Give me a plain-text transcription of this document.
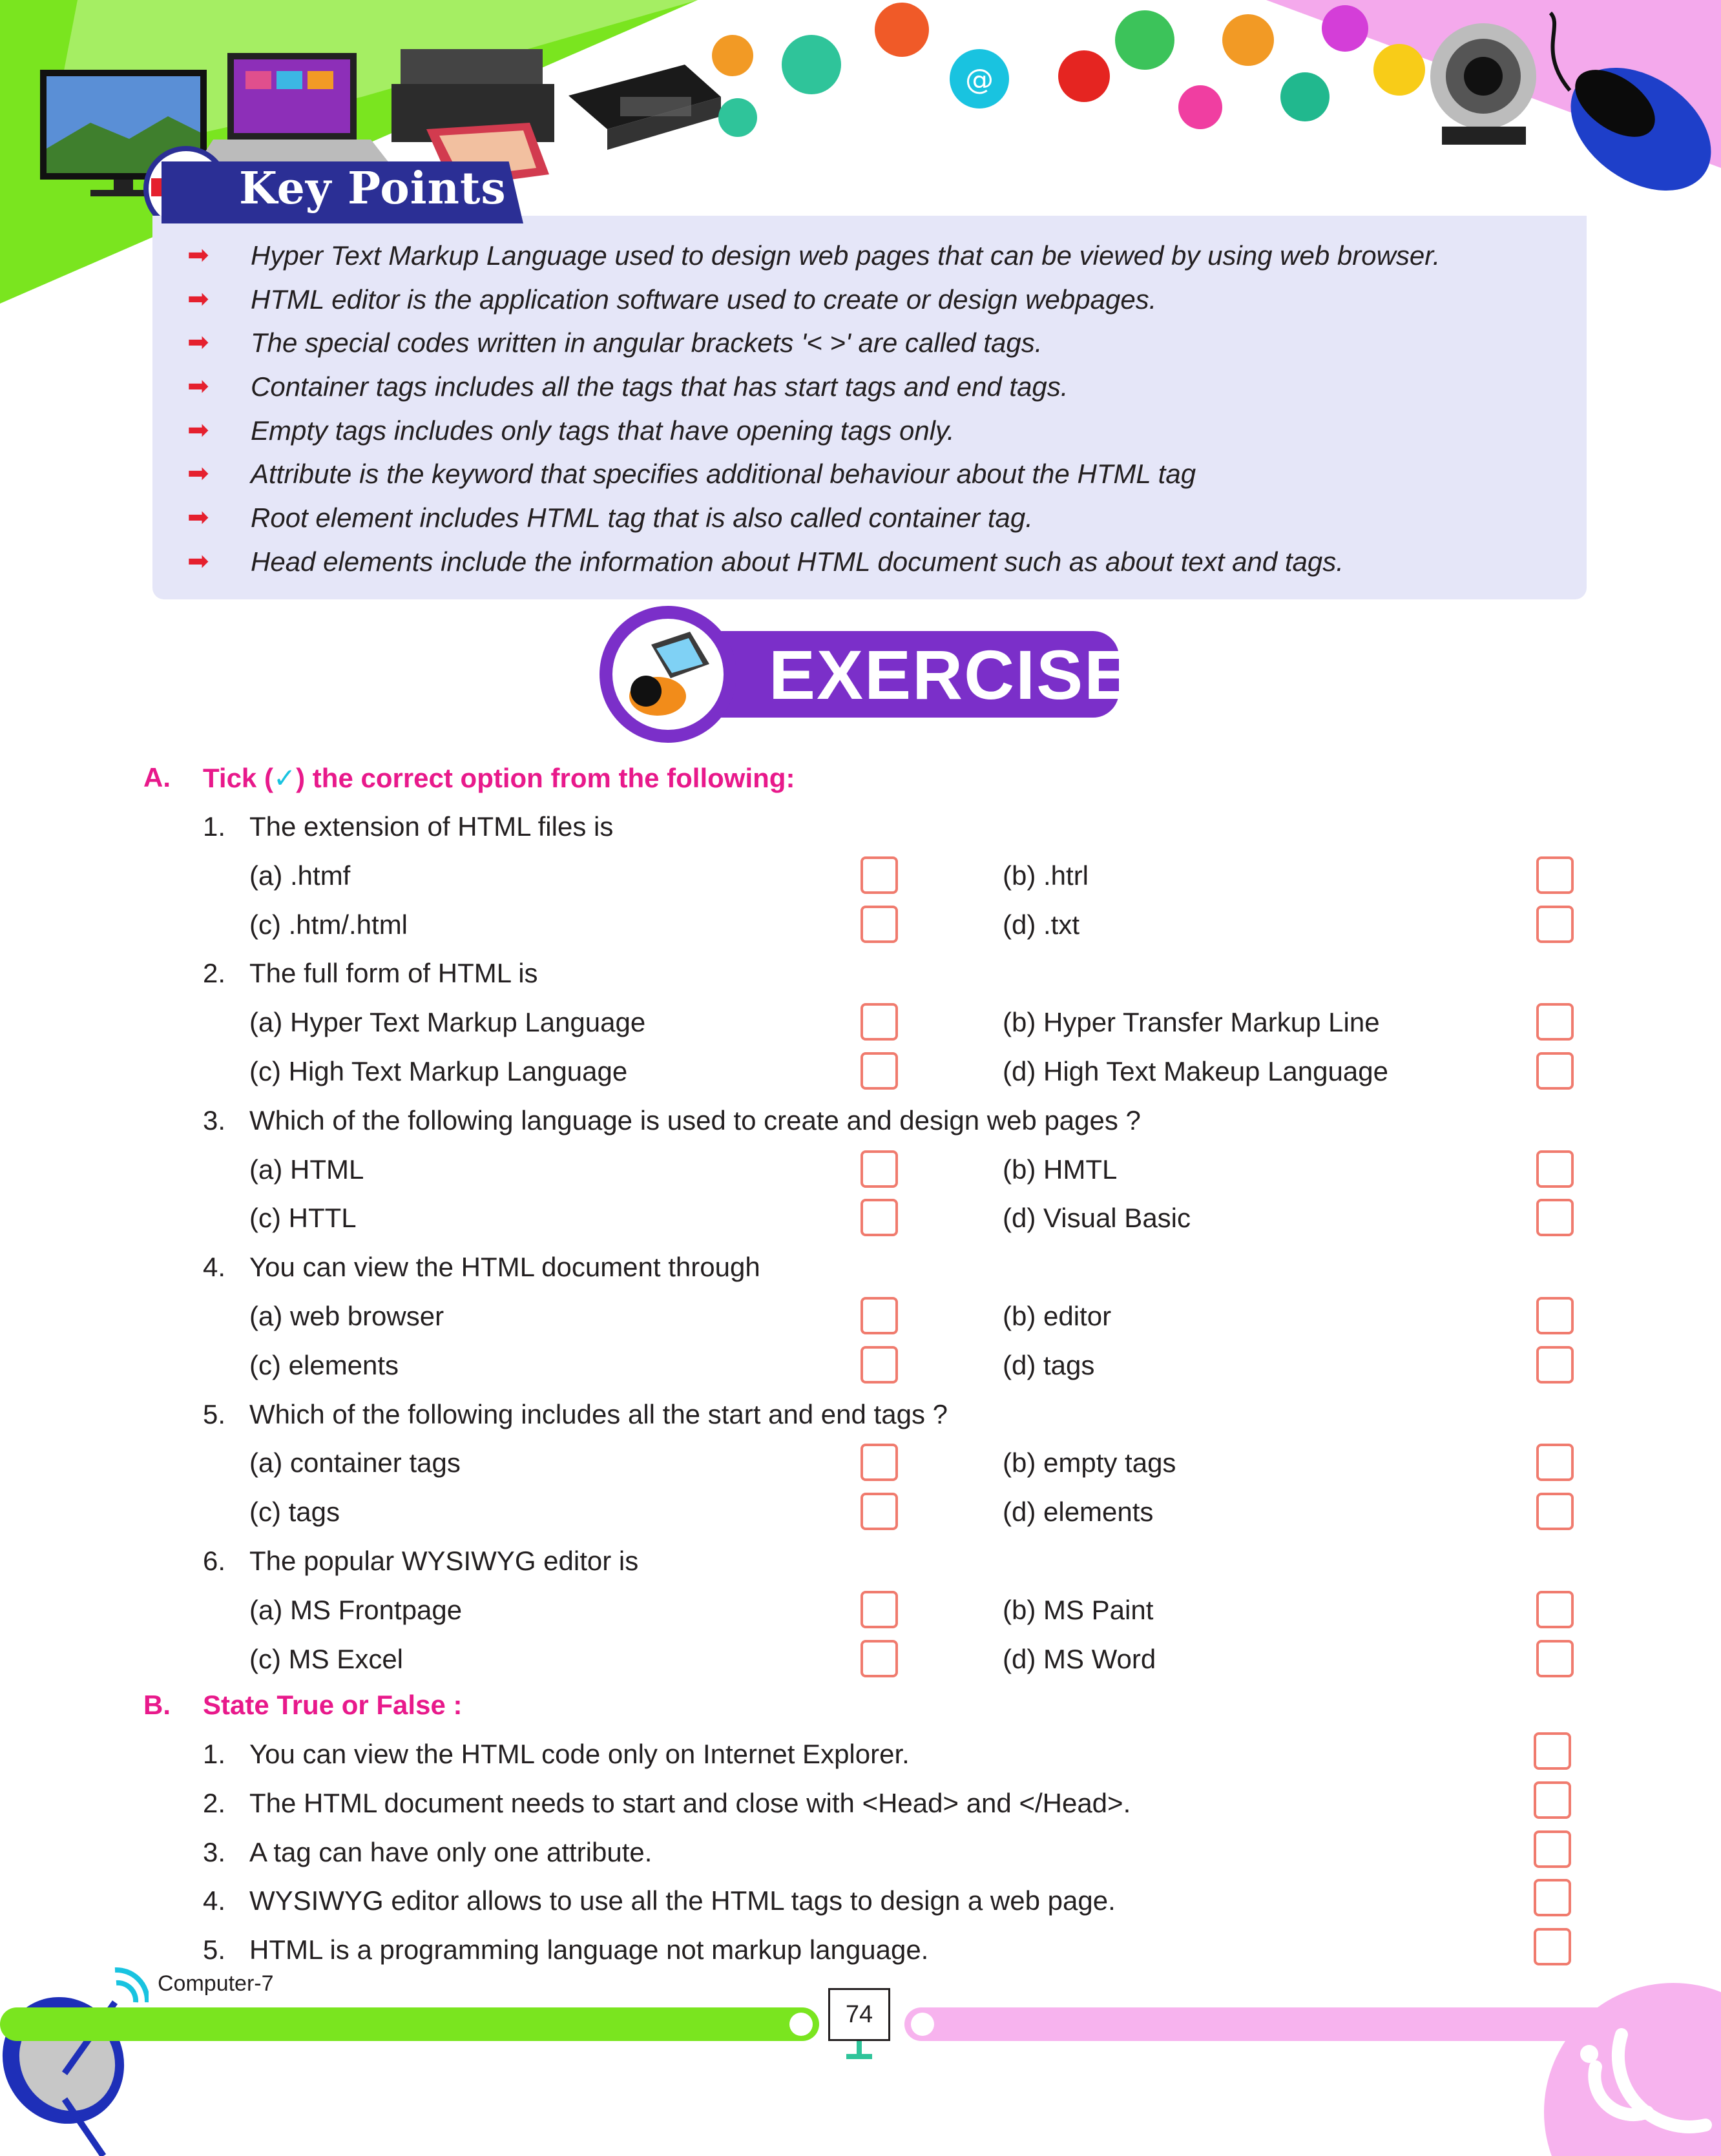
@
Key Points
➡ Hyper Text Markup Language used to design web pages that can be viewed by using web browser.
➡ HTML editor is the application software used to create or design webpages.
➡ The special codes written in angular brackets '< >' are called tags.
➡ Container tags includes all the tags that has start tags and end tags.
➡ Empty tags includes only tags that have opening tags only.
➡ Attribute is the keyword that specifies additional behaviour about the HTML tag
➡ Root element includes HTML tag that is also called container tag.
➡ Head elements include the information about HTML document such as about text and tags.
EXERCISE
A. Tick (✓) the correct option from the following:
1. The extension of HTML files is
(a) .htmf	(b) .htrl
(c) .htm/.html	(d) .txt
2. The full form of HTML is
(a) Hyper Text Markup Language	(b) Hyper Transfer Markup Line
(c) High Text Markup Language	(d) High Text Makeup Language
3. Which of the following language is used to create and design web pages ?
(a) HTML	(b) HMTL
(c) HTTL	(d) Visual Basic
4. You can view the HTML document through
(a) web browser	(b) editor
(c) elements	(d) tags
5. Which of the following includes all the start and end tags ?
(a) container tags	(b) empty tags
(c) tags	(d) elements
6. The popular WYSIWYG editor is
(a) MS Frontpage	(b) MS Paint
(c) MS Excel	(d) MS Word
B. State True or False :
1. You can view the HTML code only on Internet Explorer.
2. The HTML document needs to start and close with <Head> and </Head>.
3. A tag can have only one attribute.
4. WYSIWYG editor allows to use all the HTML tags to design a web page.
5. HTML is a programming language not markup language.
Computer-7
74
